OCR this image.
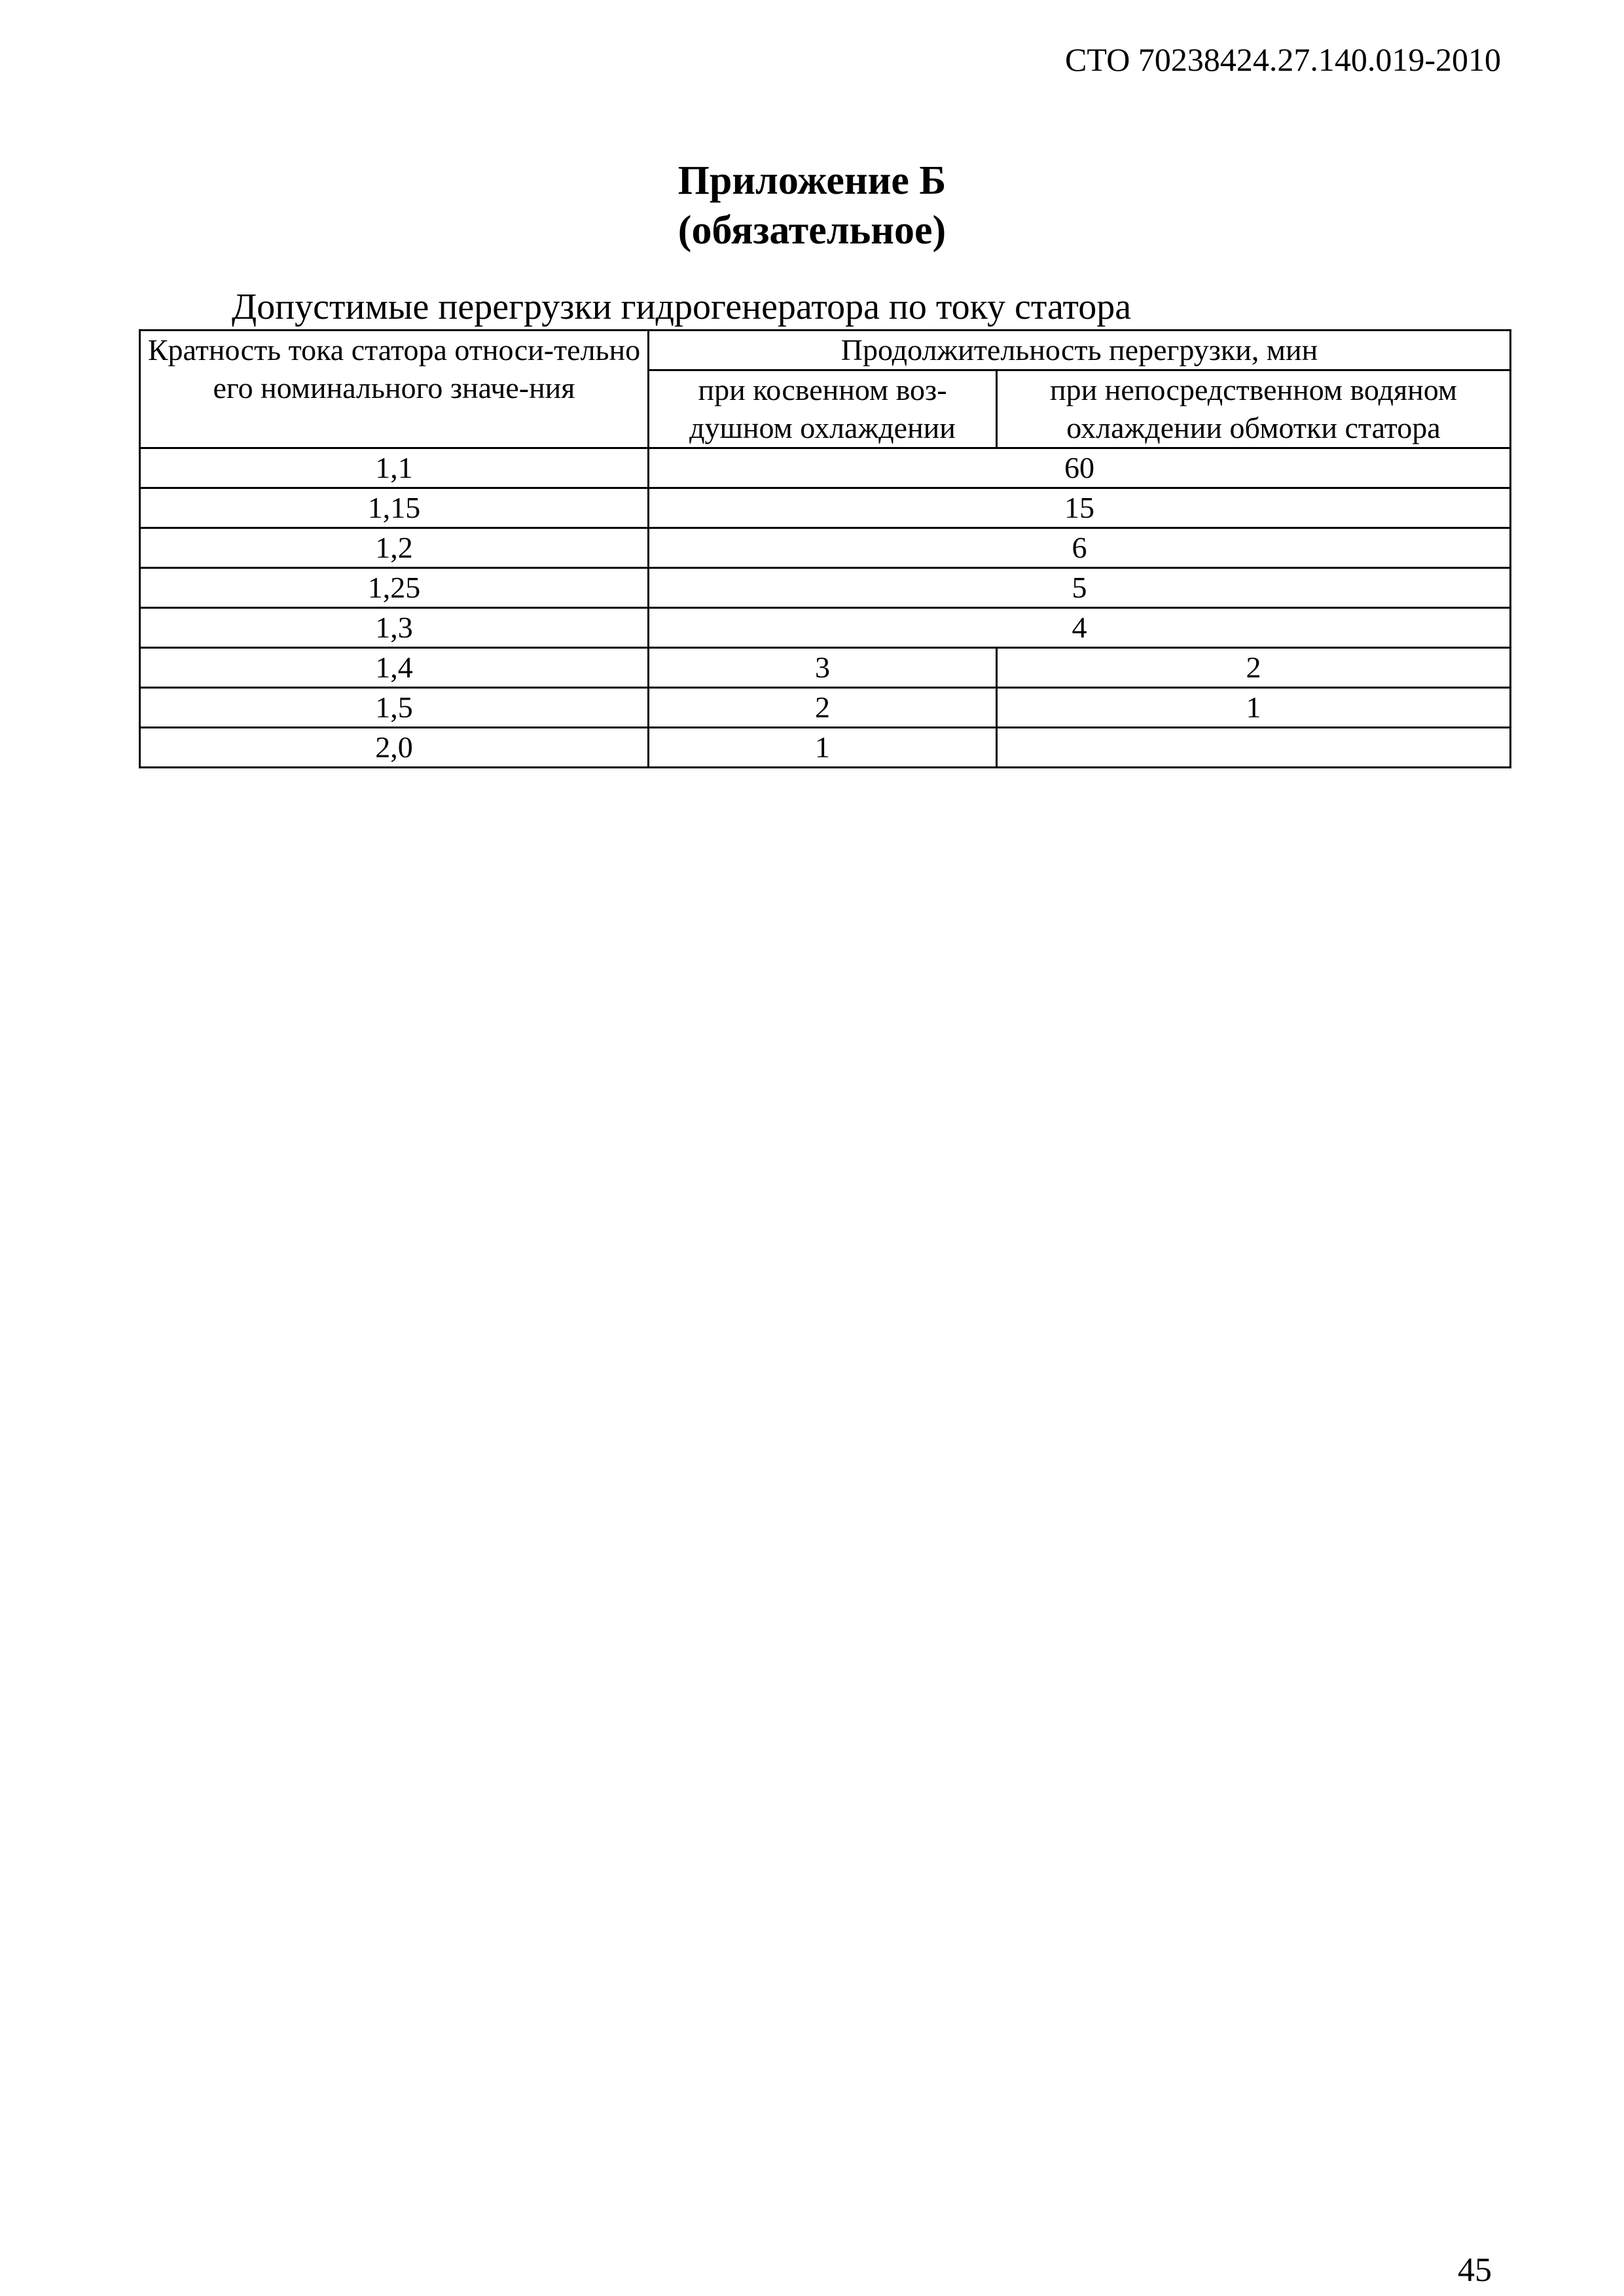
СТО 70238424.27.140.019-2010
Приложение Б
(обязательное)
Допустимые перегрузки гидрогенератора по току статора
Кратность тока статора относи-тельно его номинального значе-ния	Продолжительность перегрузки, мин	
	при косвенном воз-душном охлаждении	при непосредственном водяном охлаждении обмотки статора
1,1	60	
1,15	15	
1,2	6	
1,25	5	
1,3	4	
1,4	3	2
1,5	2	1
2,0	1	
45
